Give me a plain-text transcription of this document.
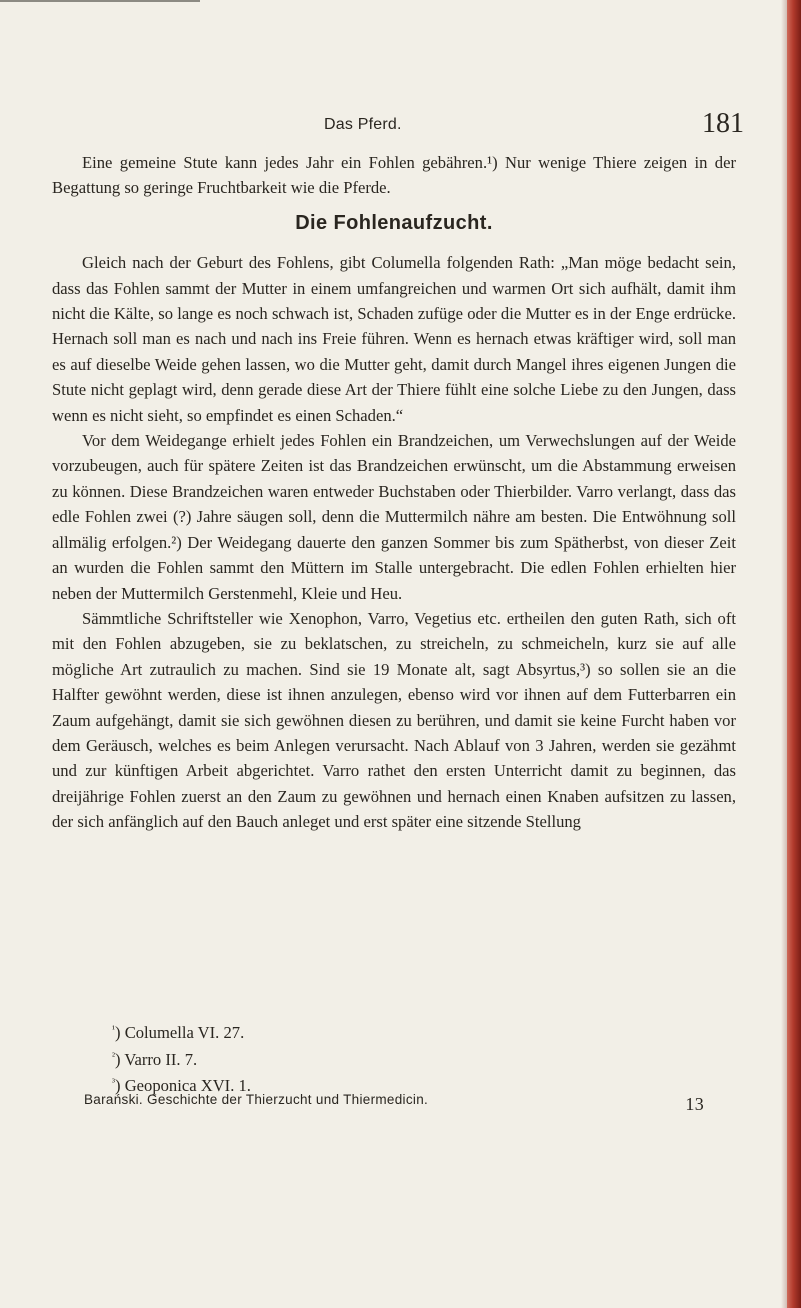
Das Pferd.	181

Eine gemeine Stute kann jedes Jahr ein Fohlen gebähren.¹) Nur wenige Thiere zeigen in der Begattung so geringe Fruchtbarkeit wie die Pferde.

Die Fohlenaufzucht.

Gleich nach der Geburt des Fohlens, gibt Columella folgenden Rath: „Man möge bedacht sein, dass das Fohlen sammt der Mutter in einem umfangreichen und warmen Ort sich aufhält, damit ihm nicht die Kälte, so lange es noch schwach ist, Schaden zufüge oder die Mutter es in der Enge erdrücke. Hernach soll man es nach und nach ins Freie führen. Wenn es hernach etwas kräftiger wird, soll man es auf dieselbe Weide gehen lassen, wo die Mutter geht, damit durch Mangel ihres eigenen Jungen die Stute nicht geplagt wird, denn gerade diese Art der Thiere fühlt eine solche Liebe zu den Jungen, dass wenn es nicht sieht, so empfindet es einen Schaden.“

Vor dem Weidegange erhielt jedes Fohlen ein Brandzeichen, um Verwechslungen auf der Weide vorzubeugen, auch für spätere Zeiten ist das Brandzeichen erwünscht, um die Abstammung erweisen zu können. Diese Brandzeichen waren entweder Buchstaben oder Thierbilder. Varro verlangt, dass das edle Fohlen zwei (?) Jahre säugen soll, denn die Muttermilch nähre am besten. Die Entwöhnung soll allmälig erfolgen.²) Der Weidegang dauerte den ganzen Sommer bis zum Spätherbst, von dieser Zeit an wurden die Fohlen sammt den Müttern im Stalle untergebracht. Die edlen Fohlen erhielten hier neben der Muttermilch Gerstenmehl, Kleie und Heu.

Sämmtliche Schriftsteller wie Xenophon, Varro, Vegetius etc. ertheilen den guten Rath, sich oft mit den Fohlen abzugeben, sie zu beklatschen, zu streicheln, zu schmeicheln, kurz sie auf alle mögliche Art zutraulich zu machen. Sind sie 19 Monate alt, sagt Absyrtus,³) so sollen sie an die Halfter gewöhnt werden, diese ist ihnen anzulegen, ebenso wird vor ihnen auf dem Futterbarren ein Zaum aufgehängt, damit sie sich gewöhnen diesen zu berühren, und damit sie keine Furcht haben vor dem Geräusch, welches es beim Anlegen verursacht. Nach Ablauf von 3 Jahren, werden sie gezähmt und zur künftigen Arbeit abgerichtet. Varro rathet den ersten Unterricht damit zu beginnen, das dreijährige Fohlen zuerst an den Zaum zu gewöhnen und hernach einen Knaben aufsitzen zu lassen, der sich anfänglich auf den Bauch anleget und erst später eine sitzende Stellung

$^{^1}$) Columella VI. 27.

$^{^2}$) Varro II. 7.

$^{^3}$) Geoponica XVI. 1.

Barański. Geschichte der Thierzucht und Thiermedicin.	13
